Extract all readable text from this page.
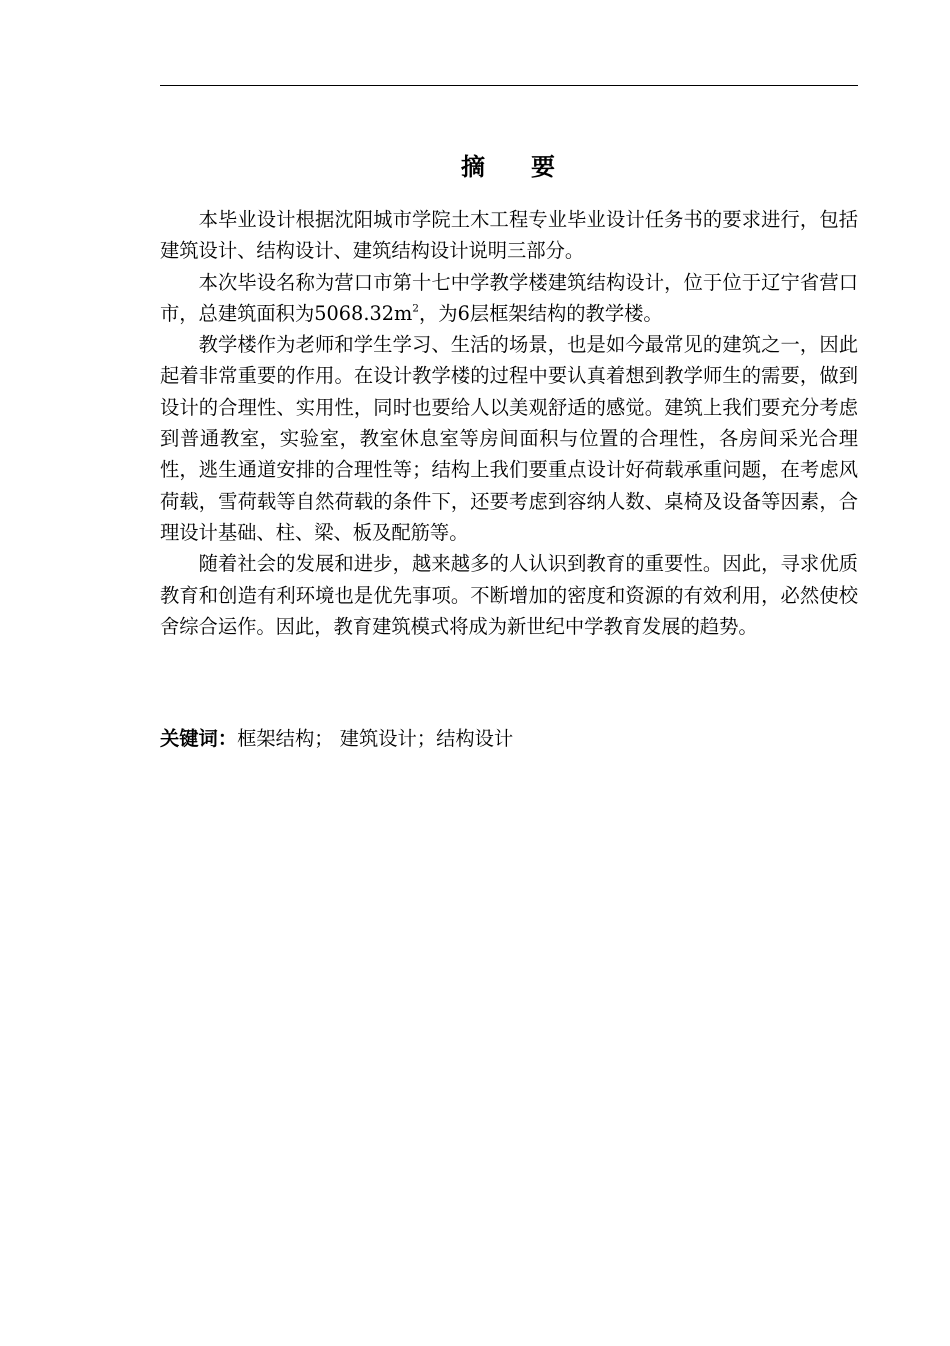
摘 要

本毕业设计根据沈阳城市学院土木工程专业毕业设计任务书的要求进行，包括建筑设计、结构设计、建筑结构设计说明三部分。

本次毕设名称为营口市第十七中学教学楼建筑结构设计，位于位于辽宁省营口市，总建筑面积为$5068.32m^2$，为6层框架结构的教学楼。

教学楼作为老师和学生学习、生活的场景，也是如今最常见的建筑之一，因此起着非常重要的作用。在设计教学楼的过程中要认真着想到教学师生的需要，做到设计的合理性、实用性，同时也要给人以美观舒适的感觉。建筑上我们要充分考虑到普通教室，实验室，教室休息室等房间面积与位置的合理性，各房间采光合理性，逃生通道安排的合理性等；结构上我们要重点设计好荷载承重问题，在考虑风荷载，雪荷载等自然荷载的条件下，还要考虑到容纳人数、桌椅及设备等因素，合理设计基础、柱、梁、板及配筋等。

随着社会的发展和进步，越来越多的人认识到教育的重要性。因此，寻求优质教育和创造有利环境也是优先事项。不断增加的密度和资源的有效利用，必然使校舍综合运作。因此，教育建筑模式将成为新世纪中学教育发展的趋势。

关键词：框架结构； 建筑设计；结构设计
